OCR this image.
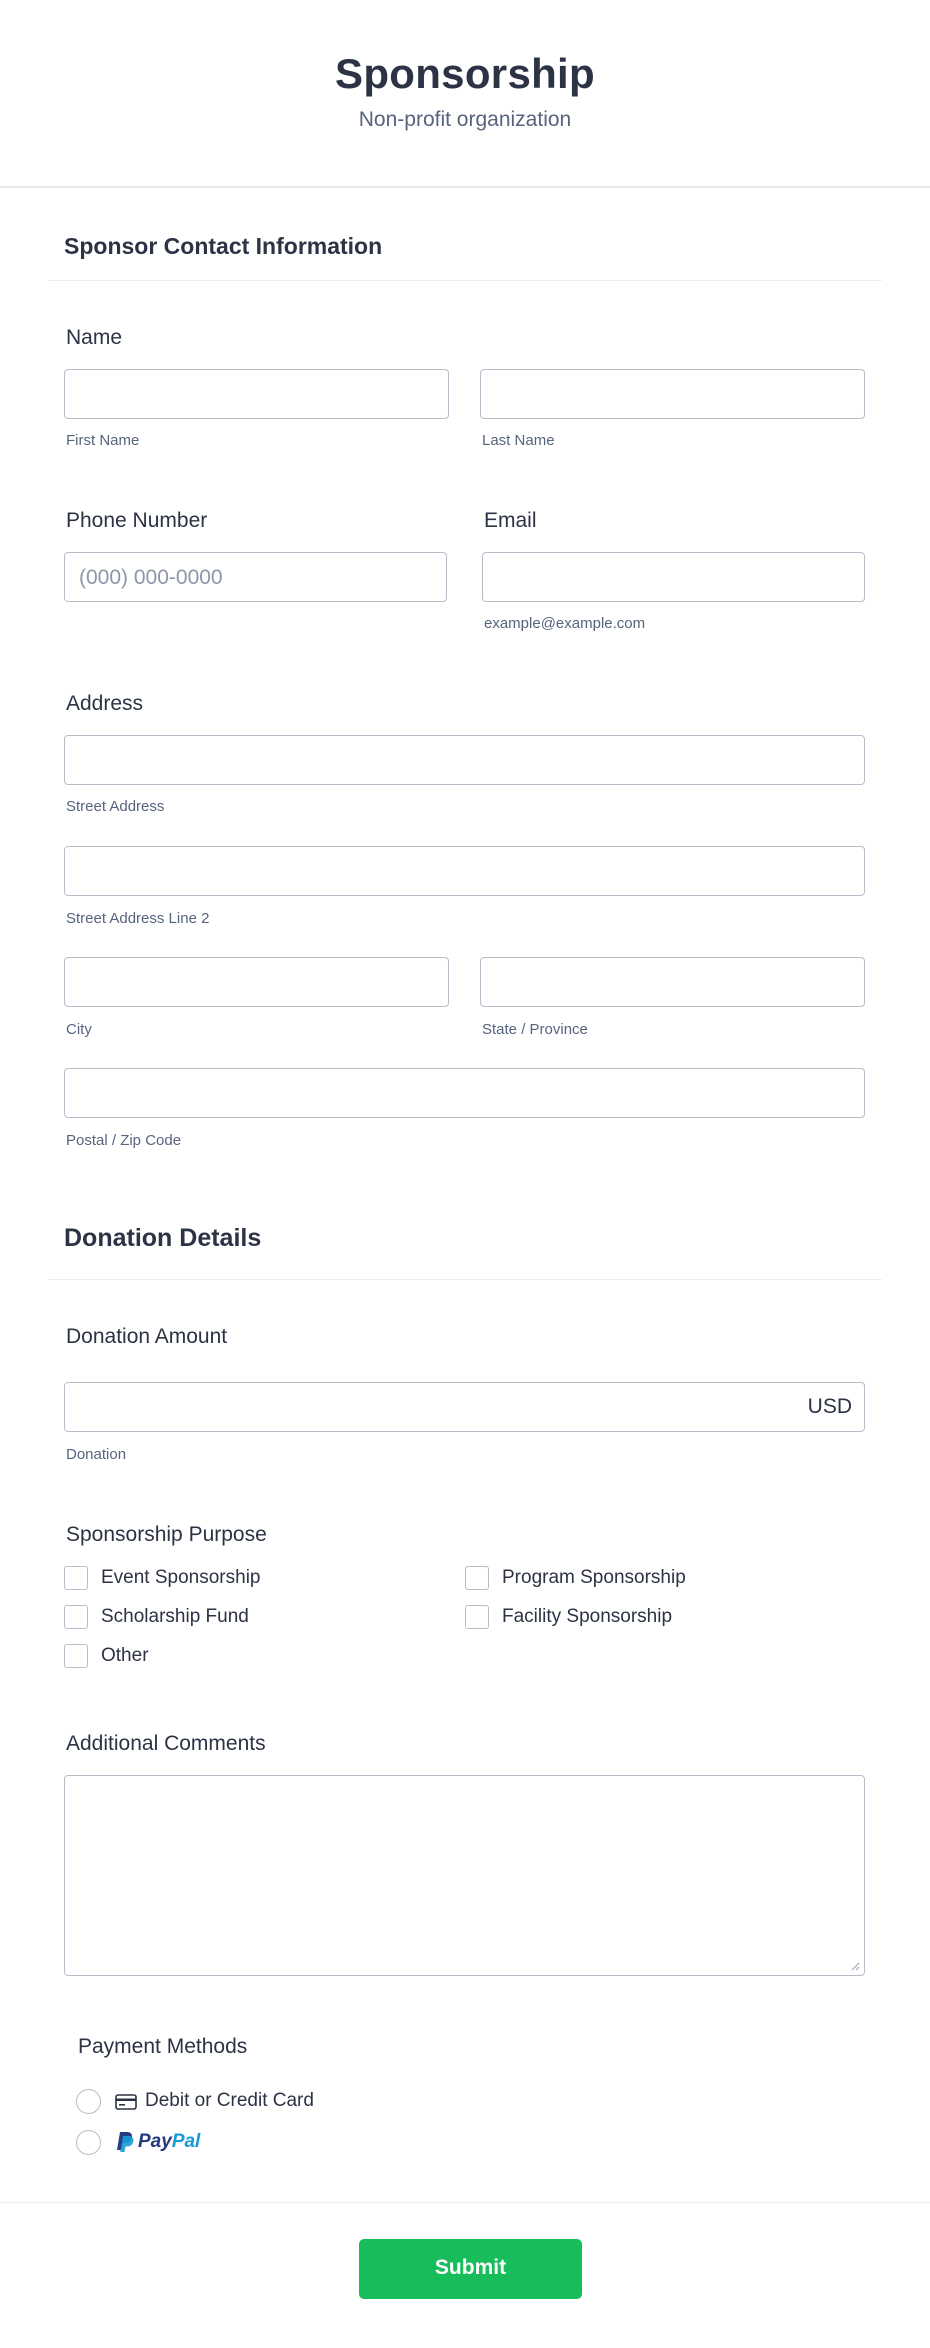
Sponsorship
Non-profit organization
Sponsor Contact Information
Name
First Name	Last Name
Phone Number
(000) 000-0000
Email
example@example.com
Address
Street Address
Street Address Line 2
City	State / Province
Postal / Zip Code
Donation Details
Donation Amount
USD
Donation
Sponsorship Purpose
Event Sponsorship	Program Sponsorship
Scholarship Fund	Facility Sponsorship
Other
Additional Comments
Payment Methods
Debit or Credit Card
Pay Pal
Submit
